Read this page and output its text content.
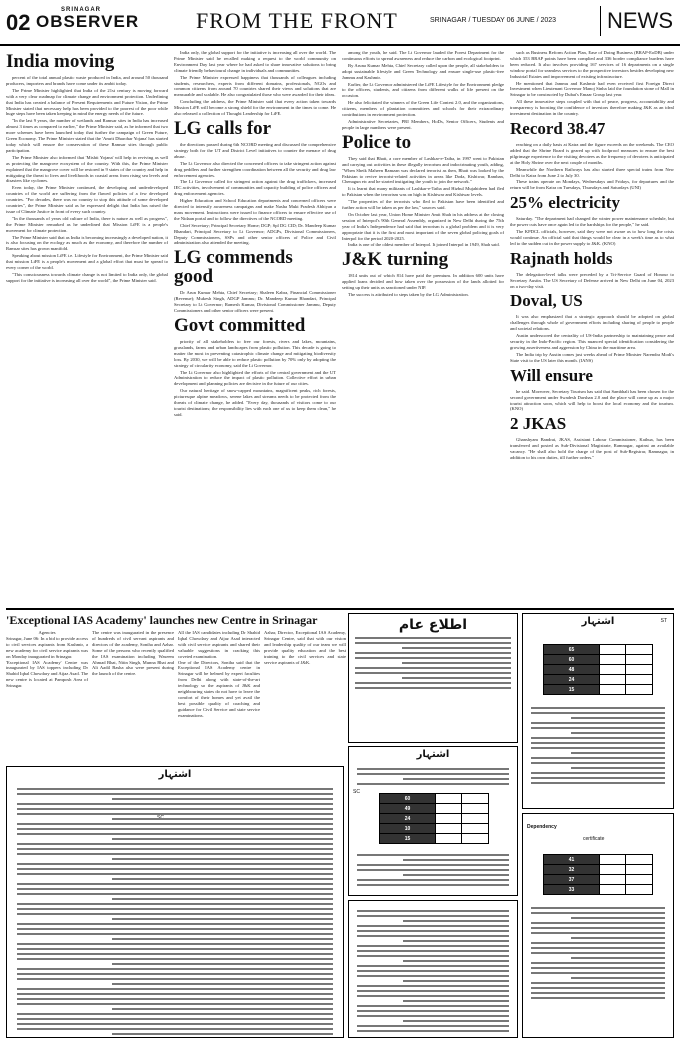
02	SRINAGAR
OBSERVER	FROM THE FRONT	SRINAGAR / TUESDAY 06 JUNE / 2023	NEWS
India moving

percent of the total annual plastic waste produced in India, and around 50 thousand producers, importers and brands have come under its ambit today.

The Prime Minister highlighted that India of the 21st century is moving forward with a very clear roadmap for climate change and environment protection. Underlining that India has created a balance of Present Requirements and Future Vision, the Prime Minister stated that necessary help has been provided to the poorest of the poor while huge steps have been taken keeping in mind the energy needs of the future.

"In the last 9 years, the number of wetlands and Ramsar sites in India has increased almost 3 times as compared to earlier," the Prime Minister said, as he informed that two more schemes have been launched today that further the campaign of Green Future, Green Economy. The Prime Minister stated that the 'Amrit Dharohar Yojana' has started today which will ensure the conservation of these Ramsar sites through public participation.

The Prime Minister also informed that 'Mishti Yojana' will help in reviving as well as protecting the mangrove ecosystem of the country. With this, the Prime Minister explained that the mangrove cover will be restored in 9 states of the country and help in mitigating the threat to lives and livelihoods in coastal areas from rising sea levels and disasters like cyclones.

Even today, the Prime Minister continued, the developing and underdeveloped countries of the world are suffering from the flawed policies of a few developed countries. "For decades, there was no country to stop this attitude of some developed countries", the Prime Minister said as he expressed delight that India has raised the issue of Climate Justice in front of every such country.

"In the thousands of years old culture of India, there is nature as well as progress", the Prime Minister remarked as he underlined that Mission LiFE is a people's movement for climate protection.

The Prime Minister said that as India is becoming increasingly a developed nation, it is also focusing on the ecology as much as the economy, and therefore the number of Ramsar sites has grown manifold.

Speaking about mission LiFE i.e. Lifestyle for Environment, the Prime Minister said that mission LiFE is a people's movement and a global effort that must be spread to every corner of the world.

"This consciousness towards climate change is not limited to India only, the global support for the initiative is increasing all over the world", the Prime Minister said.

India only, the global support for the initiative is increasing all over the world. The Prime Minister said he recalled making a request to the world community on Environment Day last year where he had asked to share innovative solutions to bring climate friendly behavioural change in individuals and communities.

The Prime Minister expressed happiness that thousands of colleagues including students, researchers, experts from different domains, professionals, NGOs and common citizens from around 70 countries shared their views and solutions that are measurable and scalable. He also congratulated those who were awarded for their ideas.

Concluding the address, the Prime Minister said that every action taken towards Mission LiFE will become a strong shield for the environment in the times to come. He also released a collection of Thought Leadership for LiFE.

LG calls for

the directions passed during 6th NCORD meeting and discussed the comprehensive strategy both for the UT and District Level initiatives to counter the menace of drug abuse.

The Lt Governor also directed the concerned officers to take stringent action against drug peddlers and further strengthen coordination between all the security and drug law enforcement agencies.

The Lt Governor called for stringent action against the drug traffickers, increased IEC activities, involvement of communities and capacity building of police officers and drug enforcement agencies.

Higher Education and School Education departments and concerned officers were directed to intensify awareness campaigns and make Nasha Mukt Pradesh Abhiyan a mass movement. Instructions were issued to finance officers to ensure effective use of the Nidaan portal and to follow the directives of the NCORD meeting.

Chief Secretary; Principal Secretary Home; DGP; Spl DG CID; Dr. Mandeep Kumar Bhandari, Principal Secretary to Lt Governor; ADGPs, Divisional Commissioners, Deputy Commissioners, SSPs and other senior officers of Police and Civil administration also attended the meeting.

LG commends good

Dr Arun Kumar Mehta, Chief Secretary; Shaleen Kabra, Financial Commissioner (Revenue); Mukesh Singh, ADGP Jammu; Dr. Mandeep Kumar Bhandari, Principal Secretary to Lt Governor; Ramesh Kumar, Divisional Commissioner Jammu, Deputy Commissioners and other senior officers were present.

Govt committed

priority of all stakeholders to free our forests, rivers and lakes, mountains, grasslands, farms and urban landscapes from plastic pollution. This decade is going to matter the most in preventing catastrophic climate change and mitigating biodiversity loss. By 2030, we will be able to reduce plastic pollution by 70% only by adopting the strategy of circularity economy, said the Lt Governor.

The Lt Governor also highlighted the efforts of the central government and the UT Administration to reduce the impact of plastic pollution. Collective effort in urban development and planning policies are decisive in the future of our cities.

Our natural heritage of snow-capped mountains, magnificent peaks, rich forests, picturesque alpine meadows, serene lakes and streams needs to be protected from the threats of climate change, he added. "Every day, thousands of visitors come to our tourist destinations; the responsibility lies with each one of us to keep them clean," he said.

among the youth, he said. The Lt Governor lauded the Forest Department for the continuous efforts to spread awareness and reduce the carbon and ecological footprint.

By Aruna Kumar Mehta, Chief Secretary called upon the people, all stakeholders to adopt sustainable lifestyle and Green Technology and ensure single-use plastic-free Jammu and Kashmir.

Earlier, the Lt Governor administered the LiFE Lifestyle for the Environment pledge to the officers, students, and citizens from different walks of life present on the occasion.

He also felicitated the winners of the Green Life Contest 2.0, and the organizations, citizens, members of plantation committees and schools for their extraordinary contributions in environment protection.

Administrative Secretaries, PRI Members, HoDs, Senior Officers, Students and people in large numbers were present.

Police to

They said that Bhatt, a core member of Lashkar-e-Taiba, in 1997 went to Pakistan and carrying out activities in these illegally terrorism and indoctrinating youth, adding, "When Sheik Maheen Ramzan was declared terrorist as then, Bhatt was looked by the Pakistan to revive terrorist-related activities in areas like Doda, Kishtwar, Ramban, Chenagun etc and he started instigating the youth to join the network."

It is learnt that many militants of Lashkar-e-Taiba and Hizbul Mujahideen had fled to Pakistan when the terrorism was on high in Kishtwar and Kishtwar levels.

"The properties of the terrorists who fled to Pakistan have been identified and further action will be taken as per the law," sources said.

On October last year, Union Home Minister Amit Shah in his address at the closing session of Interpol's 90th General Assembly, organized in New Delhi during the 75th year of India's Independence had said that terrorism is a global problem and it is very appropriate that it is the first and most important of the seven global policing goals of Interpol for the period 2020-2025.

India is one of the oldest member of Interpol. It joined Interpol in 1949, Shah said.

J&K turning

1814 units out of which 814 have paid the premium. In addition 600 units have applied loans decided and how taken over the possession of the lands allotted for setting up their units as sanctioned under NIP.

The success is attributed to steps taken by the LG Administration.

such as Business Reform Action Plan, Ease of Doing Business (BRAP-EoDB) under which 353 BRAP points have been complied and 336 border compliance burdens have been reduced. It also involves providing 167 services of 16 departments on a single window portal for seamless services to the prospective investors besides developing new Industrial Estates and improvement of existing infrastructure.

He mentioned that Jammu and Kashmir had even received first Foreign Direct Investment when Lieutenant Governor Manoj Sinha laid the foundation stone of Mall in Srinagar to be constructed by Dubai's Emaar Group last year.

All these innovative steps coupled with that of peace, progress, accountability and transparency is boosting the confidence of investors therefore making J&K as an ideal investment destination in the country.

Record 38.47

reaching on a daily basis at Katra and the figure exceeds on the weekends. The CEO added that the Shrine Board is geared up with foolproof measures to ensure the best pilgrimage experience to the visiting devotees as the frequency of devotees is anticipated at the Holy Shrine over the next couple of months.

Meanwhile the Northern Railways has also started three special trains from New Delhi to Katra from June 2 to July 30.

These trains operate on Mondays, Wednesdays and Fridays, for departures and the return will be from Katra on Tuesdays, Thursdays and Saturdays (UNI)

25% electricity

Saturday. "The department had changed the winter power maintenance schedule, but the power cuts have once again led to the hardships for the people," he said.

The KPDCL officials, however, said they were not aware as to how long the crisis would continue. An official said that things would be clear in a week's time as to what led to the sudden cut in the power supply to J&K. (KNO)

Rajnath holds

The delegation-level talks were preceded by a Tri-Service Guard of Honour to Secretary Austin. The US Secretary of Defense arrived in New Delhi on June 04, 2023 on a two-day visit.

Doval, US

It was also emphasized that a strategic approach should be adopted on global challenges through whole of government efforts including sharing of people to people and societal relations.

Austin underscored the centrality of US-India partnership to maintaining peace and security in the Indo-Pacific region. This nuanced special identification considering the growing assertiveness and aggression by China in the maritime area.

The India trip by Austin comes just weeks ahead of Prime Minister Narendra Modi's State visit to the US later this month. (IANS)

Will ensure

he said. Moreover, Secretary Tourism has said that Sambhali has been chosen for the second government under Swadesh Darshan 2.0 and the place will come up as a major tourist attraction soon, which will help to boost the local economy and the tourism. (KNO)

2 JKAS

Ghanshyam Bandrai, JKAS, Assistant Labour Commissioner, Kathua, has been transferred and posted as Sub-Divisional Magistrate, Ramnagar, against an available vacancy. "He shall also hold the charge of the post of Sub-Registrar, Ramnagar, in addition to his own duties, till further orders."

'Exceptional IAS Academy' launches new Centre in Srinagar

Agencies

Srinagar, June 06: In a bid to provide access to civil services aspirants from Kashmir, a new academy for civil service aspirants was on Monday inaugurated in Srinagar.

'Exceptional IAS Academy' Centre was inaugurated by IAS toppers including Dr Shahid Iqbal Chowdary and Aijaz Asad. The new centre is located at Pamposh Area of Srinagar.

The centre was inaugurated in the presence of hundreds of civil servant aspirants and directors of the academy, Soniha and Azhar. Some of the persons who recently qualified the IAS examination including Waseem Ahmad Bhat, Nitin Singh, Munna Bhat and Ali Aadil Basha also were present during the launch of the centre.

All the IAS candidates including Dr Shahid Iqbal Chowdary and Aijaz Asad interacted with civil service aspirants and shared their valuable suggestions in cracking this coveted examination.

One of the Directors, Soniha said that the Exceptional IAS Academy centre in Srinagar will be helmed by expert faculties from Delhi along with state-of-the-art technology so the aspirants of J&K and neighbouring states do not have to leave the comfort of their homes and yet avail the best possible quality of coaching and guidance for Civil Service and state service examinations.

Azhar, Director, Exceptional IAS Academy, Srinagar Centre, said that with our vision and leadership quality of our team we will provide quality education and the best training to the civil services and state service aspirants of J&K.

اطلاع عام	اشتہار	ST
65		
60		
48		
24		
15		
اشتہار
SC
60		
49		
24		
10		
15		
اشتہار
Dependency
certificate
41		
32		
37		
33		
